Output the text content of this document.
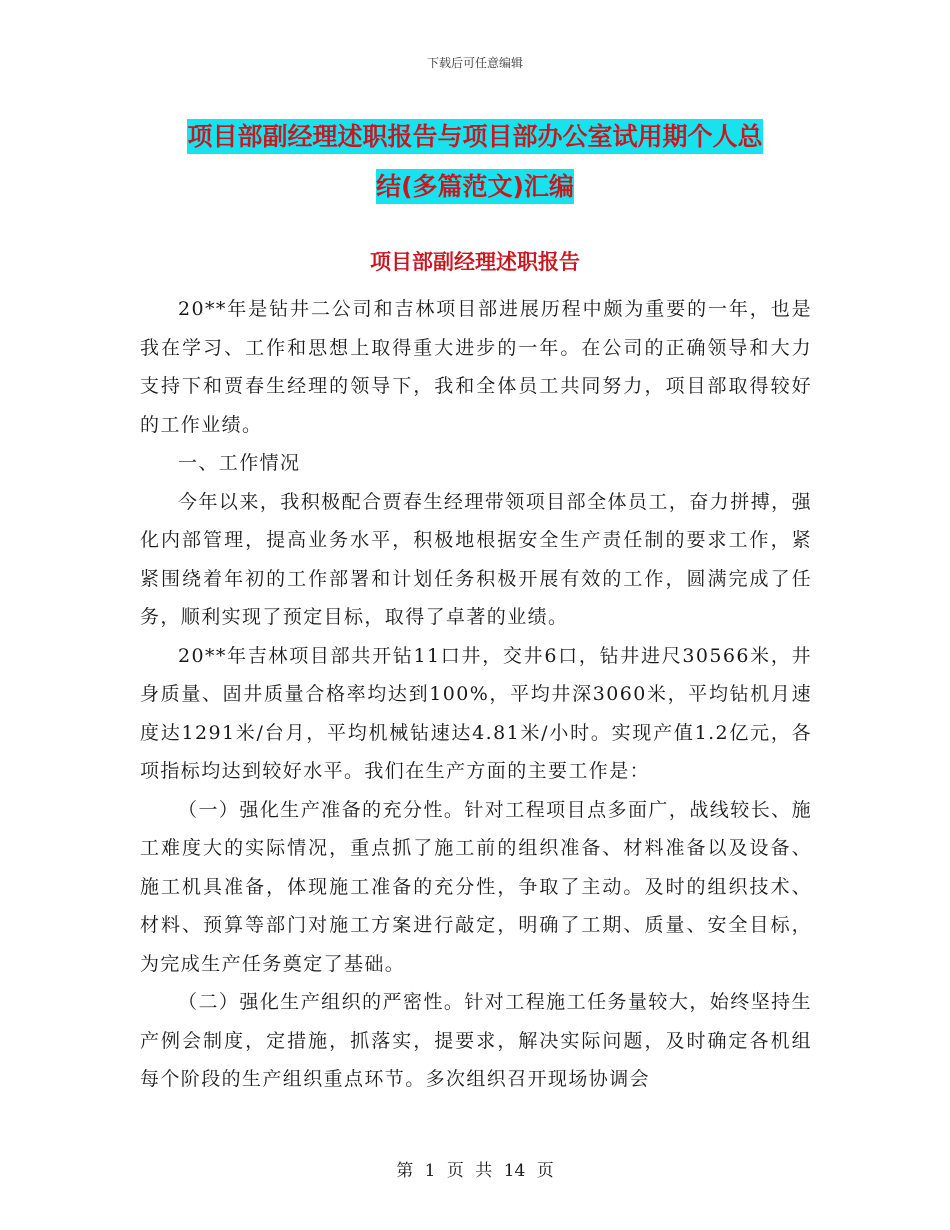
下载后可任意编辑
项目部副经理述职报告与项目部办公室试用期个人总
结(多篇范文)汇编
项目部副经理述职报告

20**年是钻井二公司和吉林项目部进展历程中颇为重要的一年，也是我在学习、工作和思想上取得重大进步的一年。在公司的正确领导和大力支持下和贾春生经理的领导下，我和全体员工共同努力，项目部取得较好的工作业绩。

一、工作情况

今年以来，我积极配合贾春生经理带领项目部全体员工，奋力拼搏，强化内部管理，提高业务水平，积极地根据安全生产责任制的要求工作，紧紧围绕着年初的工作部署和计划任务积极开展有效的工作，圆满完成了任务，顺利实现了预定目标，取得了卓著的业绩。

20**年吉林项目部共开钻11口井，交井6口，钻井进尺30566米，井身质量、固井质量合格率均达到100%，平均井深3060米，平均钻机月速度达1291米/台月，平均机械钻速达4.81米/小时。实现产值1.2亿元，各项指标均达到较好水平。我们在生产方面的主要工作是：

（一）强化生产准备的充分性。针对工程项目点多面广，战线较长、施工难度大的实际情况，重点抓了施工前的组织准备、材料准备以及设备、施工机具准备，体现施工准备的充分性，争取了主动。及时的组织技术、材料、预算等部门对施工方案进行敲定，明确了工期、质量、安全目标，为完成生产任务奠定了基础。

（二）强化生产组织的严密性。针对工程施工任务量较大，始终坚持生产例会制度，定措施，抓落实，提要求，解决实际问题，及时确定各机组每个阶段的生产组织重点环节。多次组织召开现场协调会

第 1 页 共 14 页
